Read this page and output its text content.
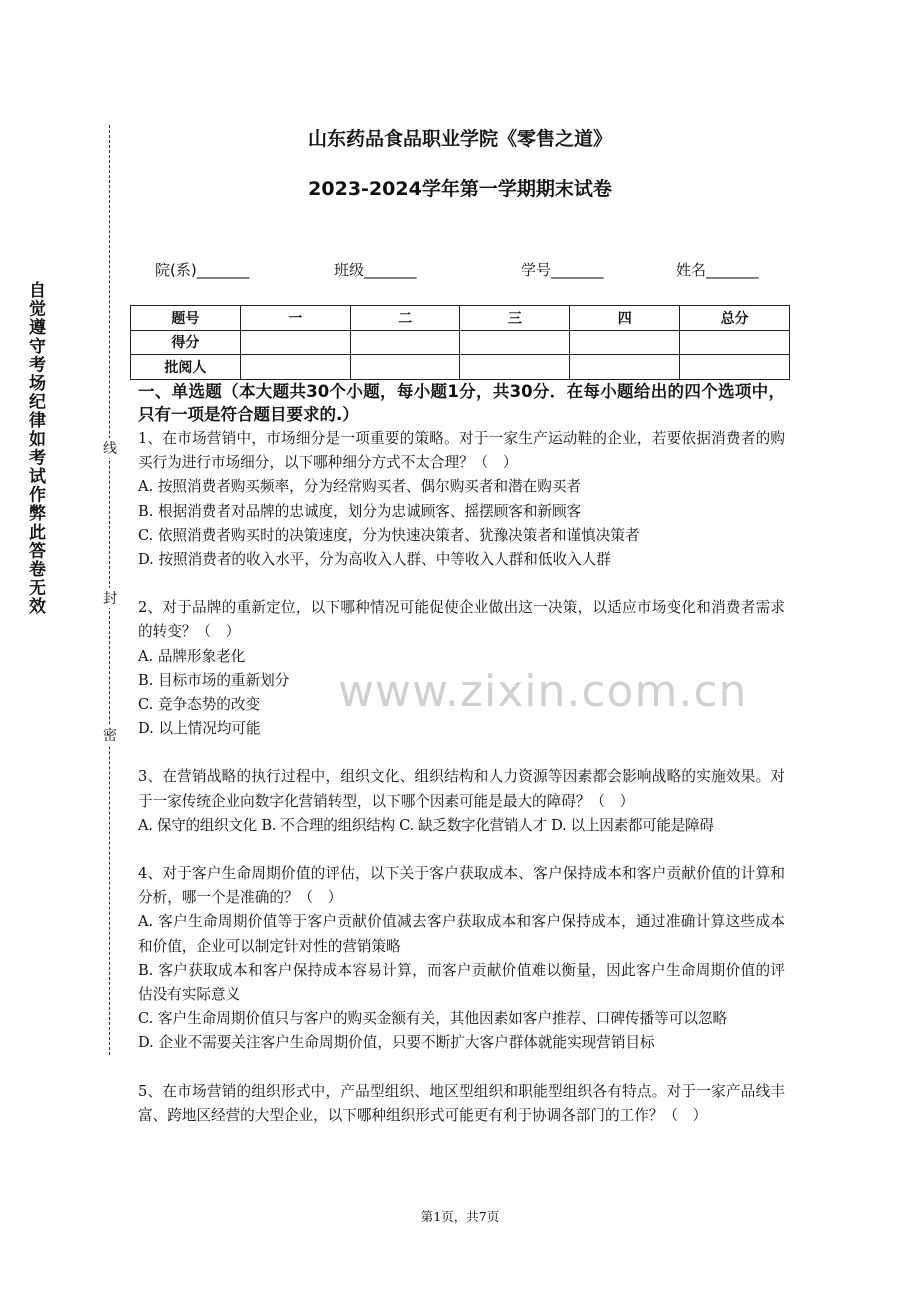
山东药品食品职业学院《零售之道》
2023-2024学年第一学期期末试卷
自觉遵守考场纪律如考试作弊此答卷无效	线
封
密
院(系)_______	班级_______	学号_______	姓名_______
题号	一	二	三	四	总分
得分					
批阅人					

一、单选题（本大题共30个小题，每小题1分，共30分．在每小题给出的四个选项中，只有一项是符合题目要求的.）

1、在市场营销中，市场细分是一项重要的策略。对于一家生产运动鞋的企业，若要依据消费者的购买行为进行市场细分，以下哪种细分方式不太合理？（　）

A. 按照消费者购买频率，分为经常购买者、偶尔购买者和潜在购买者

B. 根据消费者对品牌的忠诚度，划分为忠诚顾客、摇摆顾客和新顾客

C. 依照消费者购买时的决策速度，分为快速决策者、犹豫决策者和谨慎决策者

D. 按照消费者的收入水平，分为高收入人群、中等收入人群和低收入人群

2、对于品牌的重新定位，以下哪种情况可能促使企业做出这一决策，以适应市场变化和消费者需求的转变？（　）

A. 品牌形象老化

B. 目标市场的重新划分

C. 竞争态势的改变

D. 以上情况均可能

www.zixin.com.cn

3、在营销战略的执行过程中，组织文化、组织结构和人力资源等因素都会影响战略的实施效果。对于一家传统企业向数字化营销转型，以下哪个因素可能是最大的障碍？（　）

A. 保守的组织文化 B. 不合理的组织结构 C. 缺乏数字化营销人才 D. 以上因素都可能是障碍

4、对于客户生命周期价值的评估，以下关于客户获取成本、客户保持成本和客户贡献价值的计算和分析，哪一个是准确的？（　）

A. 客户生命周期价值等于客户贡献价值减去客户获取成本和客户保持成本，通过准确计算这些成本和价值，企业可以制定针对性的营销策略

B. 客户获取成本和客户保持成本容易计算，而客户贡献价值难以衡量，因此客户生命周期价值的评估没有实际意义

C. 客户生命周期价值只与客户的购买金额有关，其他因素如客户推荐、口碑传播等可以忽略

D. 企业不需要关注客户生命周期价值，只要不断扩大客户群体就能实现营销目标

5、在市场营销的组织形式中，产品型组织、地区型组织和职能型组织各有特点。对于一家产品线丰富、跨地区经营的大型企业，以下哪种组织形式可能更有利于协调各部门的工作？（　）

第1页，共7页
